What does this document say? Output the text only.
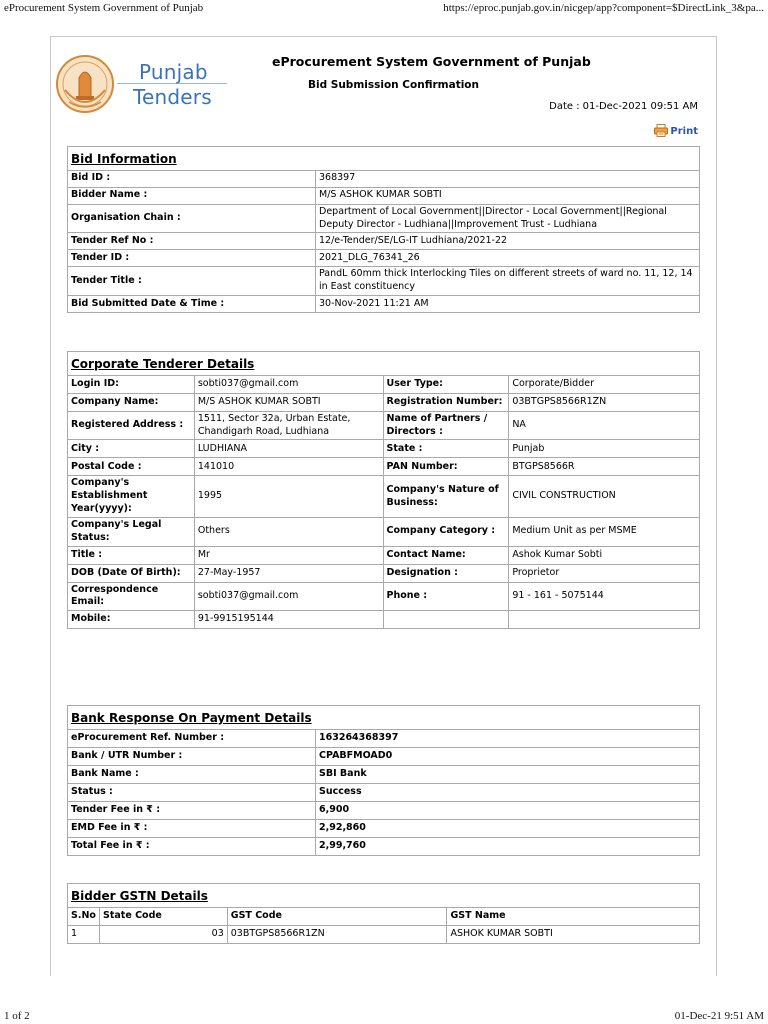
eProcurement System Government of Punjab	https://eproc.punjab.gov.in/nicgep/app?component=$DirectLink_3&pa...
Punjab
Tenders
eProcurement System Government of Punjab
Bid Submission Confirmation
Date : 01-Dec-2021 09:51 AM
Print
Bid Information	
Bid ID :	368397
Bidder Name :	M/S ASHOK KUMAR SOBTI
Organisation Chain :	Department of Local Government||Director - Local Government||Regional Deputy Director - Ludhiana||Improvement Trust - Ludhiana
Tender Ref No :	12/e-Tender/SE/LG-IT Ludhiana/2021-22
Tender ID :	2021_DLG_76341_26
Tender Title :	PandL 60mm thick Interlocking Tiles on different streets of ward no. 11, 12, 14 in East constituency
Bid Submitted Date & Time :	30-Nov-2021 11:21 AM
Corporate Tenderer Details			
Login ID:	sobti037@gmail.com	User Type:	Corporate/Bidder
Company Name:	M/S ASHOK KUMAR SOBTI	Registration Number:	03BTGPS8566R1ZN
Registered Address :	1511, Sector 32a, Urban Estate, Chandigarh Road, Ludhiana	Name of Partners / Directors :	NA
City :	LUDHIANA	State :	Punjab
Postal Code :	141010	PAN Number:	BTGPS8566R
Company's Establishment Year(yyyy):	1995	Company's Nature of Business:	CIVIL CONSTRUCTION
Company's Legal Status:	Others	Company Category :	Medium Unit as per MSME
Title :	Mr	Contact Name:	Ashok Kumar Sobti
DOB (Date Of Birth):	27-May-1957	Designation :	Proprietor
Correspondence Email:	sobti037@gmail.com	Phone :	91 - 161 - 5075144
Mobile:	91-9915195144		
Bank Response On Payment Details	
eProcurement Ref. Number :	163264368397
Bank / UTR Number :	CPABFMOAD0
Bank Name :	SBI Bank
Status :	Success
Tender Fee in ₹ :	6,900
EMD Fee in ₹ :	2,92,860
Total Fee in ₹ :	2,99,760
Bidder GSTN Details			
S.No	State Code	GST Code	GST Name
1	03	03BTGPS8566R1ZN	ASHOK KUMAR SOBTI
1 of 2	01-Dec-21 9:51 AM
